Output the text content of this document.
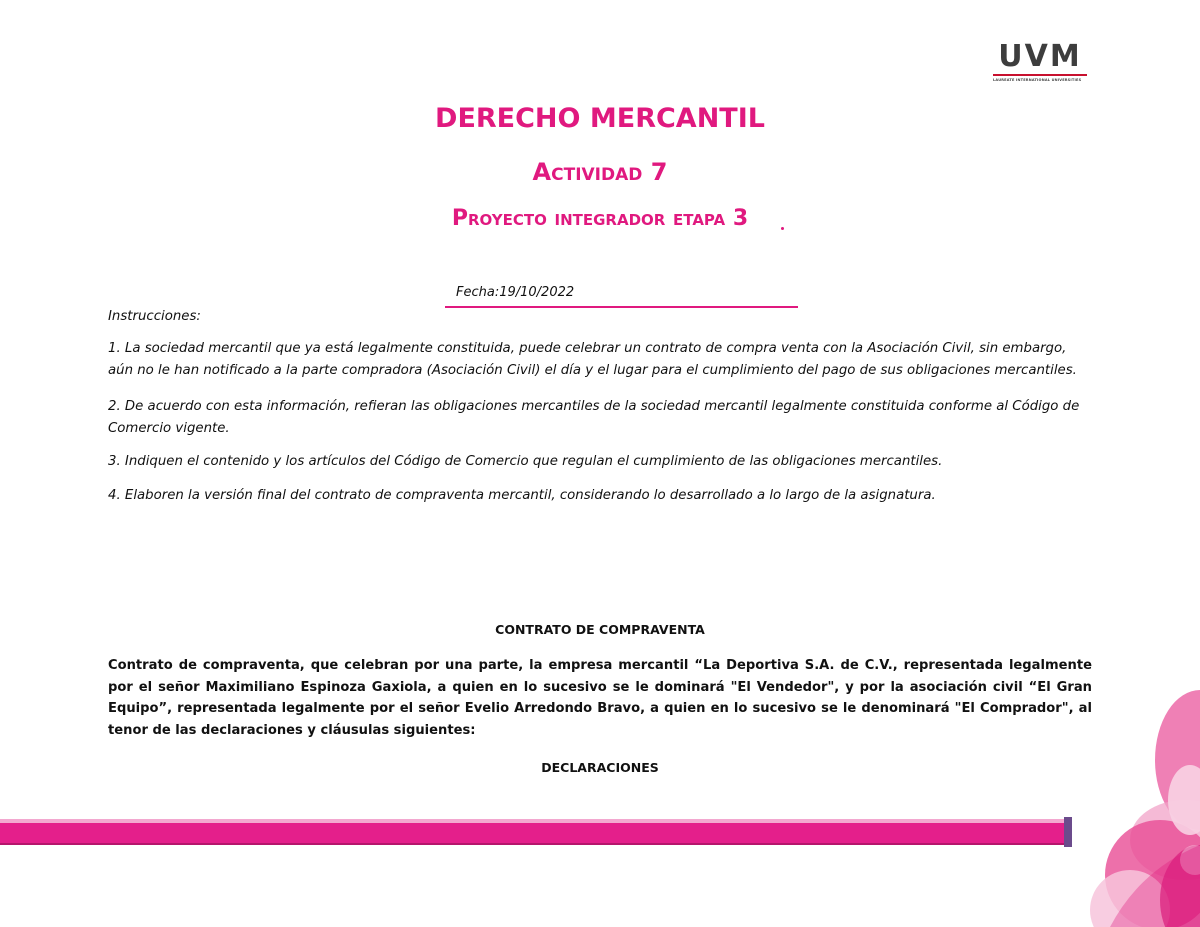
UVM
LAUREATE INTERNATIONAL UNIVERSITIES
DERECHO MERCANTIL
Actividad 7
Proyecto integrador etapa 3
Fecha:19/10/2022
Instrucciones:
1. La sociedad mercantil que ya está legalmente constituida, puede celebrar un contrato de compra venta con la Asociación Civil, sin embargo, aún no le han notificado a la parte compradora (Asociación Civil) el día y el lugar para el cumplimiento del pago de sus obligaciones mercantiles.
2. De acuerdo con esta información, refieran las obligaciones mercantiles de la sociedad mercantil legalmente constituida conforme al Código de Comercio vigente.
3. Indiquen el contenido y los artículos del Código de Comercio que regulan el cumplimiento de las obligaciones mercantiles.
4. Elaboren la versión final del contrato de compraventa mercantil, considerando lo desarrollado a lo largo de la asignatura.
CONTRATO DE COMPRAVENTA
Contrato de compraventa, que celebran por una parte, la empresa mercantil “La Deportiva S.A. de C.V., representada legalmente por el señor Maximiliano Espinoza Gaxiola, a quien en lo sucesivo se le dominará "El Vendedor", y por la asociación civil “El Gran Equipo”, representada legalmente por el señor Evelio Arredondo Bravo, a quien en lo sucesivo se le denominará "El Comprador", al tenor de las declaraciones y cláusulas siguientes:
DECLARACIONES
